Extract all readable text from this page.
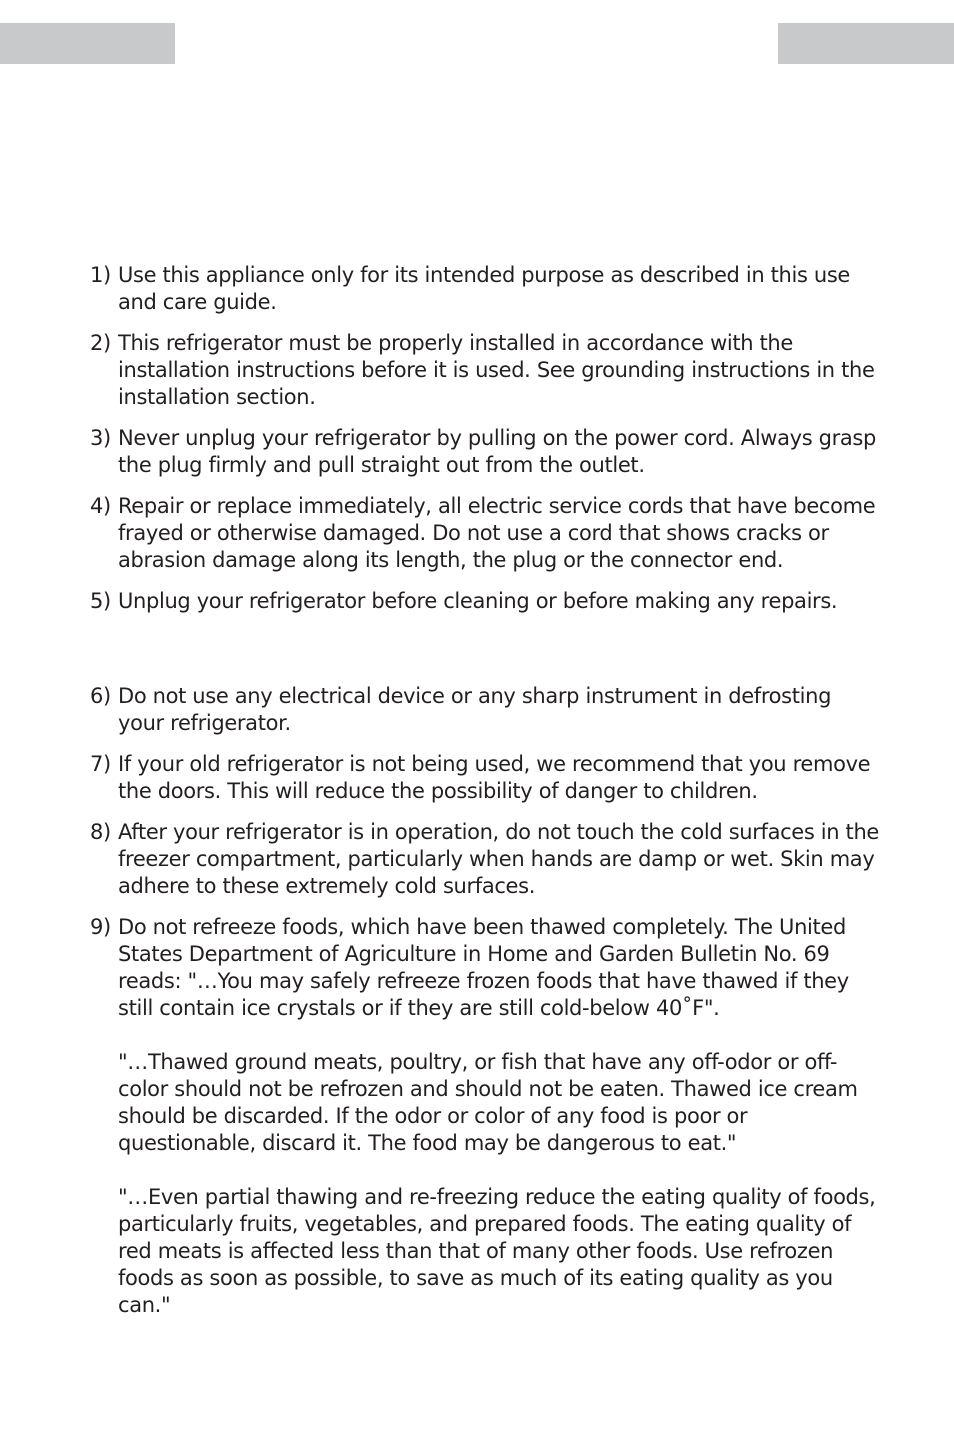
1) Use this appliance only for its intended purpose as described in this use and care guide.

2) This refrigerator must be properly installed in accordance with the installation instructions before it is used. See grounding instructions in the installation section.

3) Never unplug your refrigerator by pulling on the power cord. Always grasp the plug firmly and pull straight out from the outlet.

4) Repair or replace immediately, all electric service cords that have become frayed or otherwise damaged. Do not use a cord that shows cracks or abrasion damage along its length, the plug or the connector end.

5) Unplug your refrigerator before cleaning or before making any repairs.

6) Do not use any electrical device or any sharp instrument in defrosting your refrigerator.

7) If your old refrigerator is not being used, we recommend that you remove the doors. This will reduce the possibility of danger to children.

8) After your refrigerator is in operation, do not touch the cold surfaces in the freezer compartment, particularly when hands are damp or wet. Skin may adhere to these extremely cold surfaces.

9) Do not refreeze foods, which have been thawed completely. The United States Department of Agriculture in Home and Garden Bulletin No. 69 reads: "…You may safely refreeze frozen foods that have thawed if they still contain ice crystals or if they are still cold-below 40˚F".

"…Thawed ground meats, poultry, or fish that have any off-odor or off-color should not be refrozen and should not be eaten. Thawed ice cream should be discarded. If the odor or color of any food is poor or questionable, discard it. The food may be dangerous to eat."

"…Even partial thawing and re-freezing reduce the eating quality of foods, particularly fruits, vegetables, and prepared foods. The eating quality of red meats is affected less than that of many other foods. Use refrozen foods as soon as possible, to save as much of its eating quality as you can."
